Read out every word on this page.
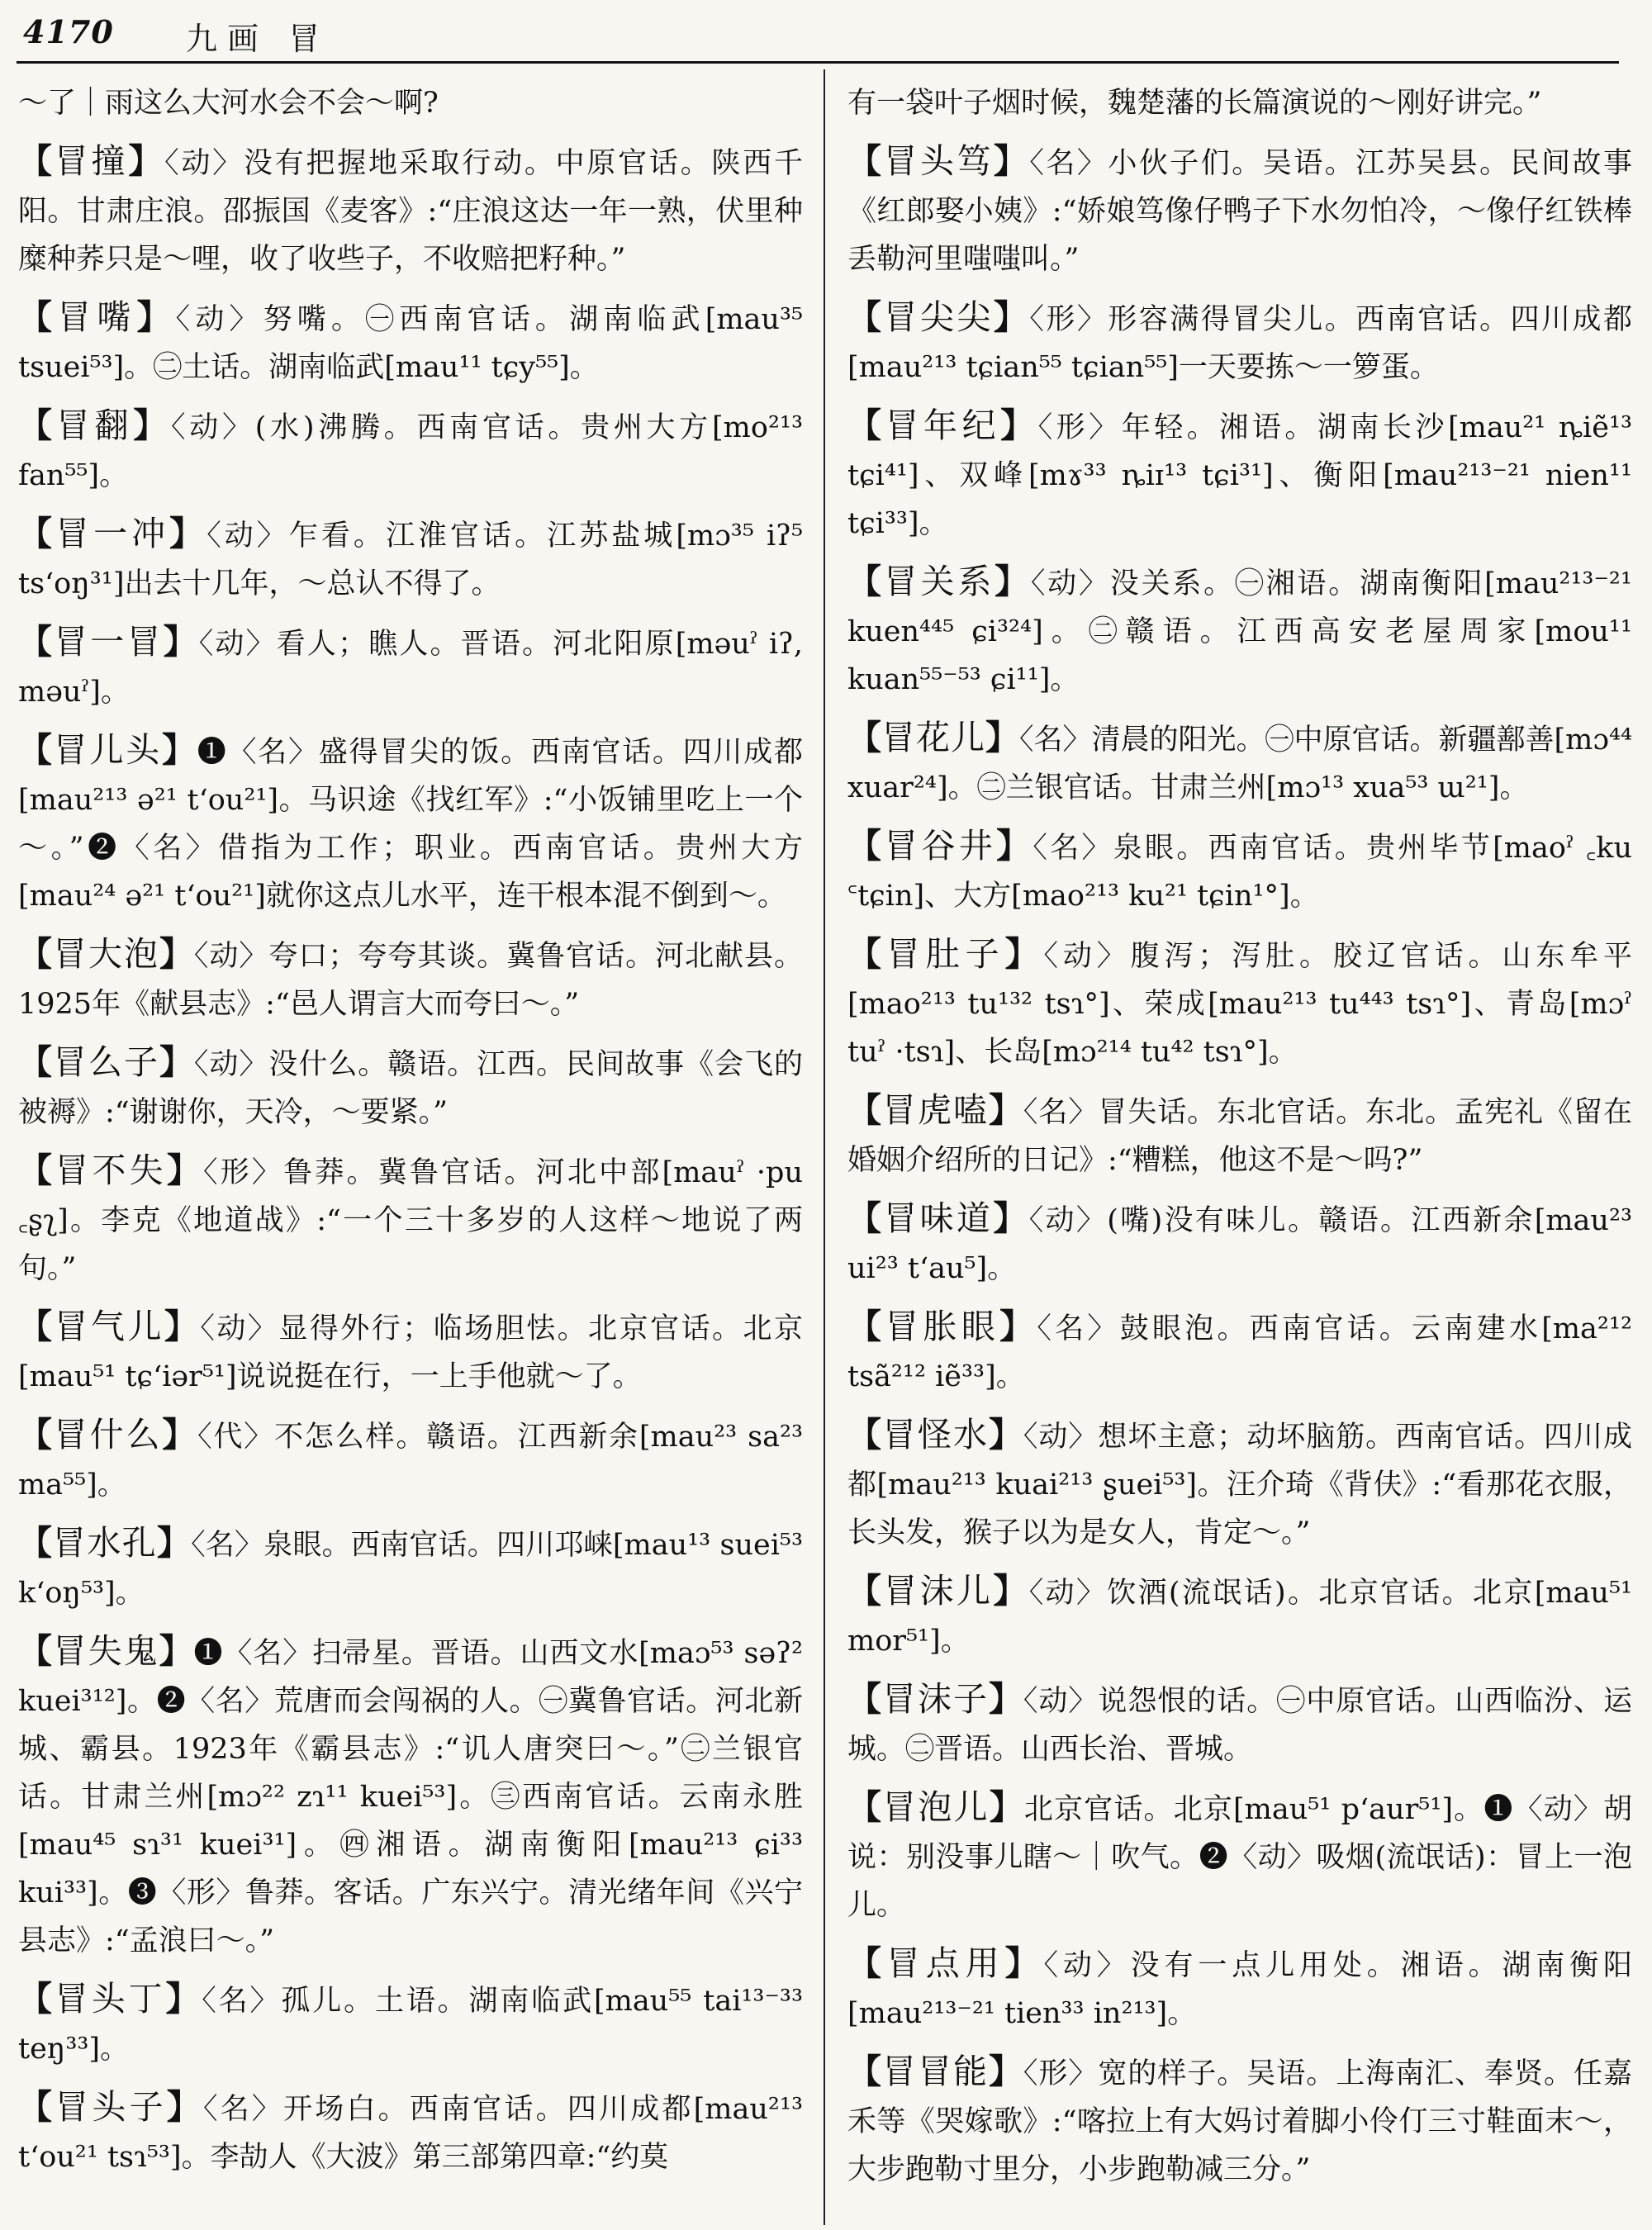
4170 九画 冒

～了｜雨这么大河水会不会～啊?

【冒撞】〈动〉没有把握地采取行动。中原官话。陕西千阳。甘肃庄浪。邵振国《麦客》:“庄浪这达一年一熟，伏里种糜种荞只是～哩，收了收些子，不收赔把籽种。”

【冒嘴】〈动〉努嘴。㊀西南官话。湖南临武[mau³⁵ tsuei⁵³]。㊁土话。湖南临武[mau¹¹ tɕy⁵⁵]。

【冒翻】〈动〉(水)沸腾。西南官话。贵州大方[mo²¹³ fan⁵⁵]。

【冒一冲】〈动〉乍看。江淮官话。江苏盐城[mɔ³⁵ iʔ⁵ ts‘oŋ³¹]出去十几年，～总认不得了。

【冒一冒】〈动〉看人；瞧人。晋语。河北阳原[məuˀ iʔ, məuˀ]。

【冒儿头】❶〈名〉盛得冒尖的饭。西南官话。四川成都[mau²¹³ ə²¹ t‘ou²¹]。马识途《找红军》:“小饭铺里吃上一个～。”❷〈名〉借指为工作；职业。西南官话。贵州大方[mau²⁴ ə²¹ t‘ou²¹]就你这点儿水平，连干根本混不倒到～。

【冒大泡】〈动〉夸口；夸夸其谈。冀鲁官话。河北献县。1925年《献县志》:“邑人谓言大而夸曰～。”

【冒么子】〈动〉没什么。赣语。江西。民间故事《会飞的被褥》:“谢谢你，天冷，～要紧。”

【冒不失】〈形〉鲁莽。冀鲁官话。河北中部[mauˀ ·pu ꜀ʂʅ]。李克《地道战》:“一个三十多岁的人这样～地说了两句。”

【冒气儿】〈动〉显得外行；临场胆怯。北京官话。北京[mau⁵¹ tɕ‘iər⁵¹]说说挺在行，一上手他就～了。

【冒什么】〈代〉不怎么样。赣语。江西新余[mau²³ sa²³ ma⁵⁵]。

【冒水孔】〈名〉泉眼。西南官话。四川邛崃[mau¹³ suei⁵³ k‘oŋ⁵³]。

【冒失鬼】❶〈名〉扫帚星。晋语。山西文水[maɔ⁵³ səʔ² kuei³¹²]。❷〈名〉荒唐而会闯祸的人。㊀冀鲁官话。河北新城、霸县。1923年《霸县志》:“讥人唐突曰～。”㊁兰银官话。甘肃兰州[mɔ²² zɿ¹¹ kuei⁵³]。㊂西南官话。云南永胜[mau⁴⁵ sɿ³¹ kuei³¹]。㊃湘语。湖南衡阳[mau²¹³ ɕi³³ kui³³]。❸〈形〉鲁莽。客话。广东兴宁。清光绪年间《兴宁县志》:“孟浪曰～。”

【冒头丁】〈名〉孤儿。土语。湖南临武[mau⁵⁵ tai¹³⁻³³ teŋ³³]。

【冒头子】〈名〉开场白。西南官话。四川成都[mau²¹³ t‘ou²¹ tsɿ⁵³]。李劼人《大波》第三部第四章:“约莫

有一袋叶子烟时候，魏楚藩的长篇演说的～刚好讲完。”

【冒头笃】〈名〉小伙子们。吴语。江苏吴县。民间故事《红郎娶小姨》:“娇娘笃像仔鸭子下水勿怕冷，～像仔红铁棒丢勒河里嗤嗤叫。”

【冒尖尖】〈形〉形容满得冒尖儿。西南官话。四川成都[mau²¹³ tɕian⁵⁵ tɕian⁵⁵]一天要拣～一箩蛋。

【冒年纪】〈形〉年轻。湘语。湖南长沙[mau²¹ ȵiẽ¹³ tɕi⁴¹]、双峰[mɤ³³ ȵiɪ¹³ tɕi³¹]、衡阳[mau²¹³⁻²¹ nien¹¹ tɕi³³]。

【冒关系】〈动〉没关系。㊀湘语。湖南衡阳[mau²¹³⁻²¹ kuen⁴⁴⁵ ɕi³²⁴]。㊁赣语。江西高安老屋周家[mou¹¹ kuan⁵⁵⁻⁵³ ɕi¹¹]。

【冒花儿】〈名〉清晨的阳光。㊀中原官话。新疆鄯善[mɔ⁴⁴ xuar²⁴]。㊁兰银官话。甘肃兰州[mɔ¹³ xua⁵³ ɯ²¹]。

【冒谷井】〈名〉泉眼。西南官话。贵州毕节[maoˀ ꜀ku ꜂tɕin]、大方[mao²¹³ ku²¹ tɕin¹°]。

【冒肚子】〈动〉腹泻；泻肚。胶辽官话。山东牟平[mao²¹³ tu¹³² tsɿ°]、荣成[mau²¹³ tu⁴⁴³ tsɿ°]、青岛[mɔˀ tuˀ ·tsɿ]、长岛[mɔ²¹⁴ tu⁴² tsɿ°]。

【冒虎嗑】〈名〉冒失话。东北官话。东北。孟宪礼《留在婚姻介绍所的日记》:“糟糕，他这不是～吗?”

【冒味道】〈动〉(嘴)没有味儿。赣语。江西新余[mau²³ ui²³ t‘au⁵]。

【冒胀眼】〈名〉鼓眼泡。西南官话。云南建水[ma²¹² tsã²¹² iẽ³³]。

【冒怪水】〈动〉想坏主意；动坏脑筋。西南官话。四川成都[mau²¹³ kuai²¹³ ʂuei⁵³]。汪介琦《背伕》:“看那花衣服，长头发，猴子以为是女人，肯定～。”

【冒沫儿】〈动〉饮酒(流氓话)。北京官话。北京[mau⁵¹ mor⁵¹]。

【冒沫子】〈动〉说怨恨的话。㊀中原官话。山西临汾、运城。㊁晋语。山西长治、晋城。

【冒泡儿】北京官话。北京[mau⁵¹ p‘aur⁵¹]。❶〈动〉胡说：别没事儿瞎～｜吹气。❷〈动〉吸烟(流氓话)：冒上一泡儿。

【冒点用】〈动〉没有一点儿用处。湘语。湖南衡阳[mau²¹³⁻²¹ tien³³ in²¹³]。

【冒冒能】〈形〉宽的样子。吴语。上海南汇、奉贤。任嘉禾等《哭嫁歌》:“喀拉上有大妈讨着脚小伶仃三寸鞋面末～，大步跑勒寸里分，小步跑勒减三分。”
